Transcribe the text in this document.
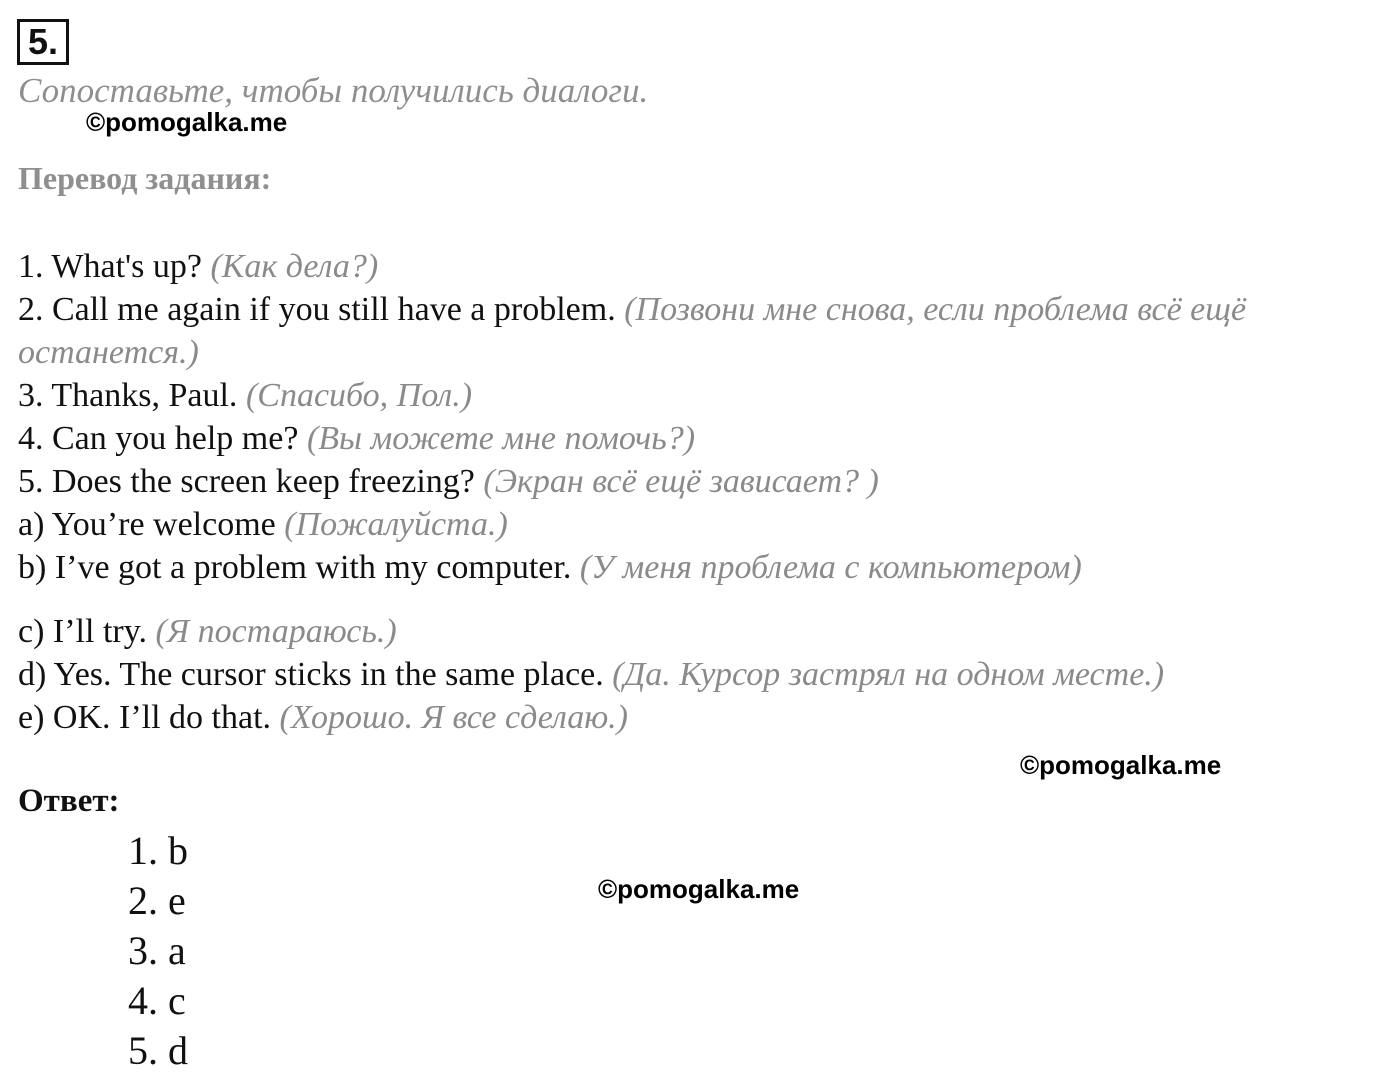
5.
Сопоставьте, чтобы получились диалоги.
©pomogalka.me
Перевод задания:
1. What's up? (Как дела?)
2. Call me again if you still have a problem. (Позвони мне снова, если проблема всё ещё останется.)
3. Thanks, Paul. (Спасибо, Пол.)
4. Can you help me? (Вы можете мне помочь?)
5. Does the screen keep freezing? (Экран всё ещё зависает? )
a) You’re welcome (Пожалуйста.)
b) I’ve got a problem with my computer. (У меня проблема с компьютером)
c) I’ll try. (Я постараюсь.)
d) Yes. The cursor sticks in the same place. (Да. Курсор застрял на одном месте.)
e) OK. I’ll do that. (Хорошо. Я все сделаю.)
©pomogalka.me
Ответ:
1. b
2. e
3. a
4. c
5. d
©pomogalka.me
